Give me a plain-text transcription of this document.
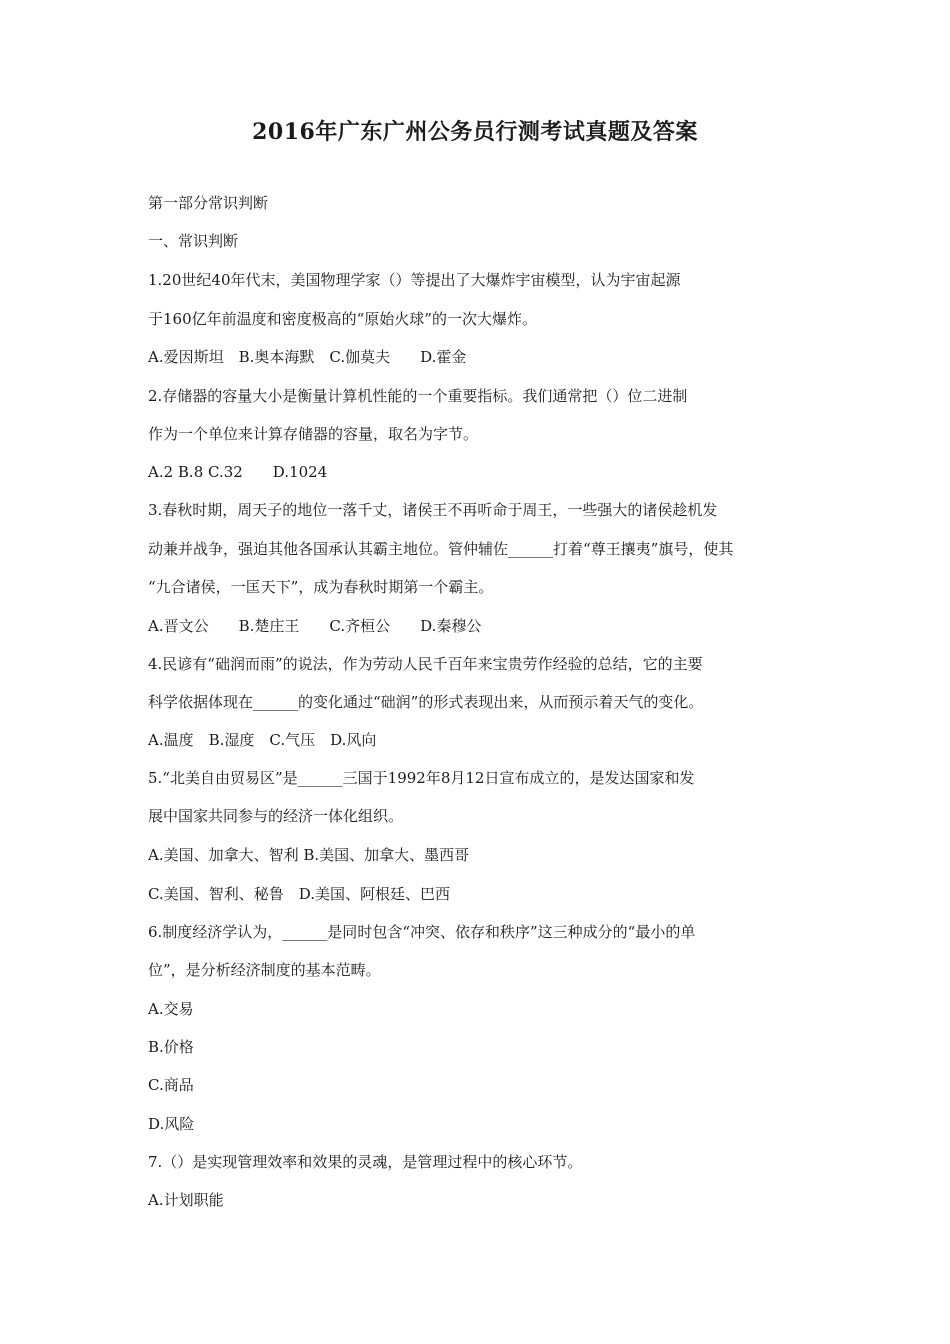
2016年广东广州公务员行测考试真题及答案

第一部分常识判断

一、常识判断

1.20世纪40年代末，美国物理学家（）等提出了大爆炸宇宙模型，认为宇宙起源

于160亿年前温度和密度极高的“原始火球”的一次大爆炸。

A.爱因斯坦　B.奥本海默　C.伽莫夫　　D.霍金

2.存储器的容量大小是衡量计算机性能的一个重要指标。我们通常把（）位二进制

作为一个单位来计算存储器的容量，取名为字节。

A.2 B.8 C.32　　D.1024

3.春秋时期，周天子的地位一落千丈，诸侯王不再听命于周王，一些强大的诸侯趁机发

动兼并战争，强迫其他各国承认其霸主地位。管仲辅佐______打着“尊王攘夷”旗号，使其

“九合诸侯，一匡天下”，成为春秋时期第一个霸主。

A.晋文公　　B.楚庄王　　C.齐桓公　　D.秦穆公

4.民谚有“础润而雨”的说法，作为劳动人民千百年来宝贵劳作经验的总结，它的主要

科学依据体现在______的变化通过“础润”的形式表现出来，从而预示着天气的变化。

A.温度　B.湿度　C.气压　D.风向

5.“北美自由贸易区”是______三国于1992年8月12日宣布成立的，是发达国家和发

展中国家共同参与的经济一体化组织。

A.美国、加拿大、智利 B.美国、加拿大、墨西哥

C.美国、智利、秘鲁　D.美国、阿根廷、巴西

6.制度经济学认为，______是同时包含“冲突、依存和秩序”这三种成分的“最小的单

位”，是分析经济制度的基本范畴。

A.交易

B.价格

C.商品

D.风险

7.（）是实现管理效率和效果的灵魂，是管理过程中的核心环节。

A.计划职能
